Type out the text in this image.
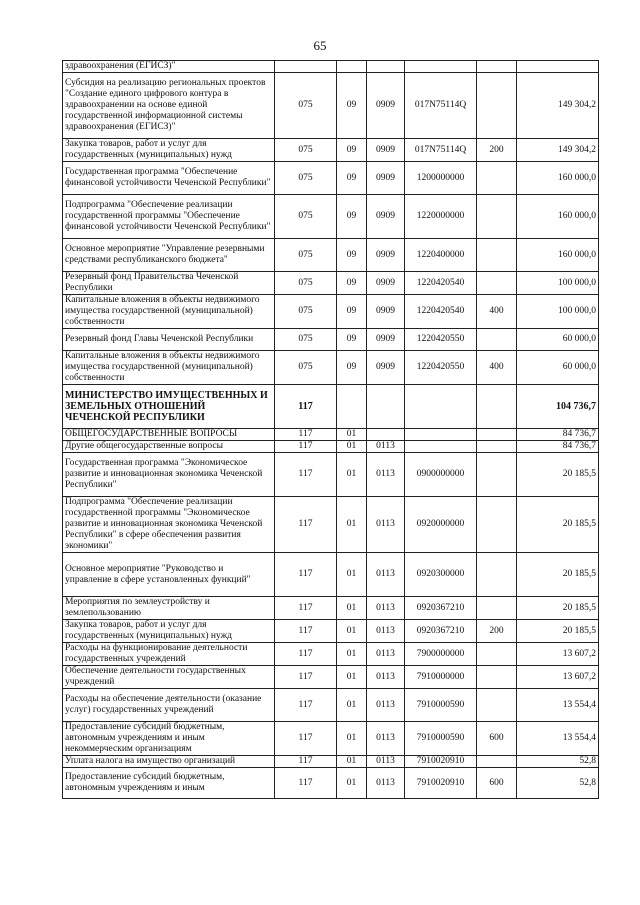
65
здравоохранения (ЕГИСЗ)"						
Субсидия на реализацию региональных проектов "Создание единого цифрового контура в здравоохранении на основе единой государственной информационной системы здравоохранения (ЕГИСЗ)"	075	09	0909	017N75114Q		149 304,2
Закупка товаров, работ и услуг для государственных (муниципальных) нужд	075	09	0909	017N75114Q	200	149 304,2
Государственная программа "Обеспечение финансовой устойчивости Чеченской Республики"	075	09	0909	1200000000		160 000,0
Подпрограмма "Обеспечение реализации государственной программы "Обеспечение финансовой устойчивости Чеченской Республики"	075	09	0909	1220000000		160 000,0
Основное мероприятие "Управление резервными средствами республиканского бюджета"	075	09	0909	1220400000		160 000,0
Резервный фонд Правительства Чеченской Республики	075	09	0909	1220420540		100 000,0
Капитальные вложения в объекты недвижимого имущества государственной (муниципальной) собственности	075	09	0909	1220420540	400	100 000,0
Резервный фонд Главы Чеченской Республики	075	09	0909	1220420550		60 000,0
Капитальные вложения в объекты недвижимого имущества государственной (муниципальной) собственности	075	09	0909	1220420550	400	60 000,0
МИНИСТЕРСТВО ИМУЩЕСТВЕННЫХ И ЗЕМЕЛЬНЫХ ОТНОШЕНИЙ ЧЕЧЕНСКОЙ РЕСПУБЛИКИ	117					104 736,7
ОБЩЕГОСУДАРСТВЕННЫЕ ВОПРОСЫ	117	01				84 736,7
Другие общегосударственные вопросы	117	01	0113			84 736,7
Государственная программа "Экономическое развитие и инновационная экономика Чеченской Республики"	117	01	0113	0900000000		20 185,5
Подпрограмма "Обеспечение реализации государственной программы "Экономическое развитие и инновационная экономика Чеченской Республики" в сфере обеспечения развития экономики"	117	01	0113	0920000000		20 185,5
Основное мероприятие "Руководство и управление в сфере установленных функций"	117	01	0113	0920300000		20 185,5
Мероприятия по землеустройству и землепользованию	117	01	0113	0920367210		20 185,5
Закупка товаров, работ и услуг для государственных (муниципальных) нужд	117	01	0113	0920367210	200	20 185,5
Расходы на функционирование деятельности государственных учреждений	117	01	0113	7900000000		13 607,2
Обеспечение деятельности государственных учреждений	117	01	0113	7910000000		13 607,2
Расходы на обеспечение деятельности (оказание услуг) государственных учреждений	117	01	0113	7910000590		13 554,4
Предоставление субсидий бюджетным, автономным учреждениям и иным некоммерческим организациям	117	01	0113	7910000590	600	13 554,4
Уплата налога на имущество организаций	117	01	0113	7910020910		52,8
Предоставление субсидий бюджетным, автономным учреждениям и иным	117	01	0113	7910020910	600	52,8
